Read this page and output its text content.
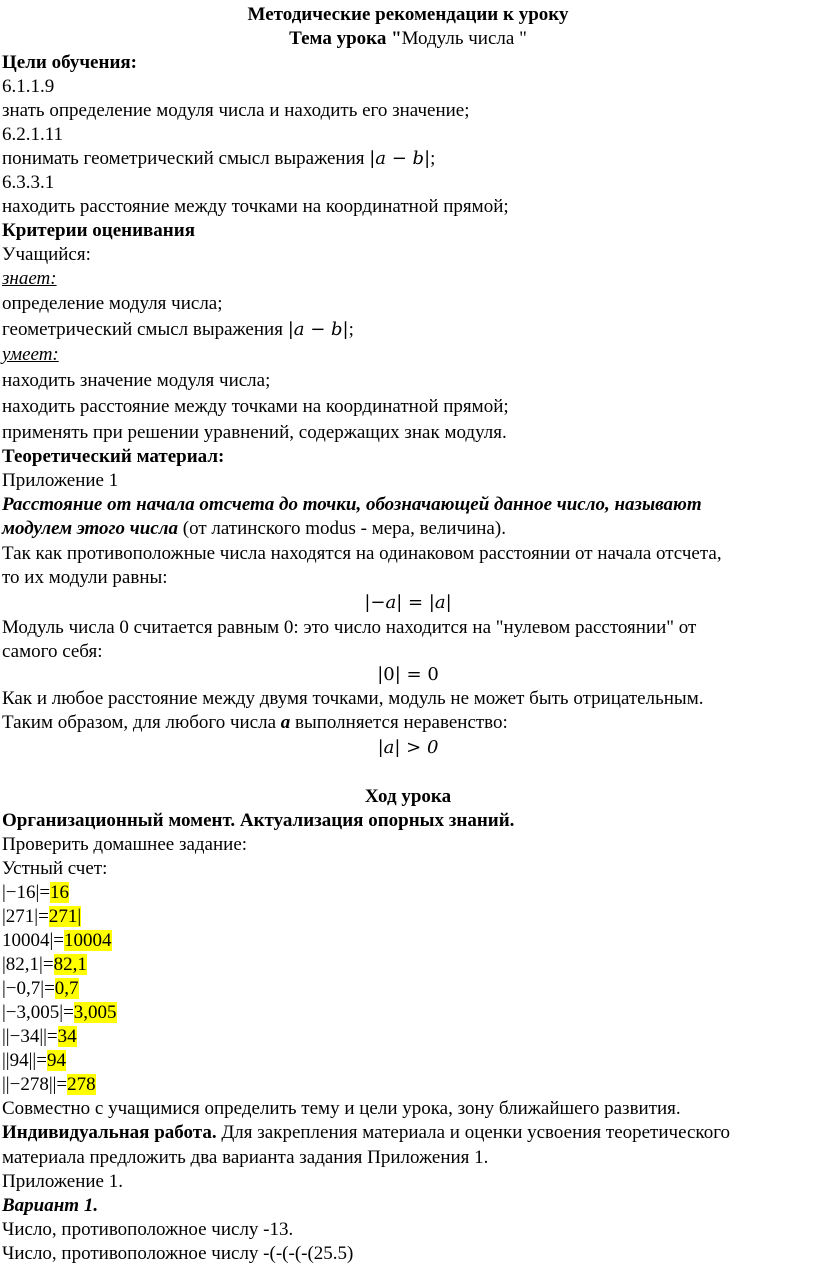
Методические рекомендации к уроку
Тема урока "Модуль числа "
Цели обучения:
6.1.1.9
знать определение модуля числа и находить его значение;
6.2.1.11
понимать геометрический смысл выражения |a − b|;
6.3.3.1
находить расстояние между точками на координатной прямой;
Критерии оценивания
Учащийся:
знает:
определение модуля числа;
геометрический смысл выражения |a − b|;
умеет:
находить значение модуля числа;
находить расстояние между точками на координатной прямой;
применять при решении уравнений, содержащих знак модуля.
Теоретический материал:
Приложение 1
Расстояние от начала отсчета до точки, обозначающей данное число, называют
модулем этого числа (от латинского modus - мера, величина).
Так как противоположные числа находятся на одинаковом расстоянии от начала отсчета,
то их модули равны:
|−a| = |a|
Модуль числа 0 считается равным 0: это число находится на "нулевом расстоянии" от
самого себя:
|0| = 0
Как и любое расстояние между двумя точками, модуль не может быть отрицательным.
Таким образом, для любого числа а выполняется неравенство:
|a| > 0
Ход урока
Организационный момент. Актуализация опорных знаний.
Проверить домашнее задание:
Устный счет:
|−16|=16
|271|=271|
10004|=10004
|82,1|=82,1
|−0,7|=0,7
|−3,005|=3,005
||−34||=34
||94||=94
||−278||=278
Совместно с учащимися определить тему и цели урока, зону ближайшего развития.
Индивидуальная работа. Для закрепления материала и оценки усвоения теоретического
материала предложить два варианта задания Приложения 1.
Приложение 1.
Вариант 1.
Число, противоположное числу -13.
Число, противоположное числу -(-(-(-(25.5)
